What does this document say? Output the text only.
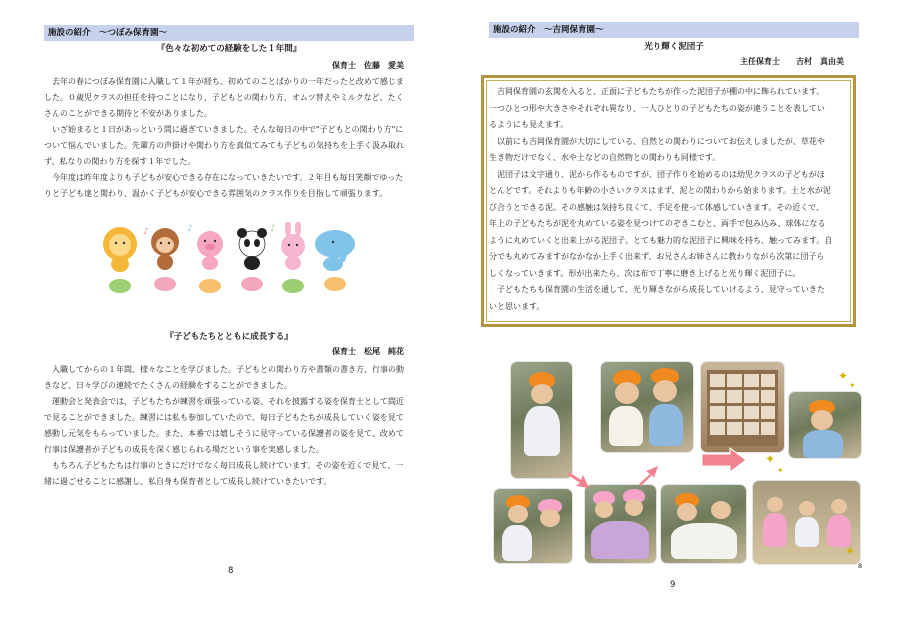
施設の紹介　〜つぼみ保育園〜
『色々な初めての経験をした１年間』
保育士　佐藤　愛美
去年の春につぼみ保育園に入職して１年が経ち、初めてのことばかりの一年だったと改めて感じま
した。０歳児クラスの担任を持つことになり、子どもとの関わり方、オムツ替えやミルクなど、たく
さんのことができる期待と不安がありました。
いざ始まると１日があっという間に過ぎていきました。そんな毎日の中で"子どもとの関わり方"に
ついて悩んでいました。先輩方の声掛けや関わり方を真似てみても子どもの気持ちを上手く汲み取れ
ず、私なりの関わり方を探す１年でした。
今年度は昨年度よりも子どもが安心できる存在になっていきたいです。２年目も毎日笑顔でゆった
りと子ども達と関わり、温かく子どもが安心できる雰囲気のクラス作りを目指して頑張ります。
♪	♪	♪
『子どもたちとともに成長する』
保育士　松尾　純花
入職してからの１年間、様々なことを学びました。子どもとの関わり方や書類の書き方、行事の動
きなど、日々学びの連続でたくさんの経験をすることができました。
運動会と発表会では、子どもたちが練習を頑張っている姿、それを披露する姿を保育士として間近
で見ることができました。練習には私も参加していたので、毎日子どもたちが成長していく姿を見て
感動し元気をもらっていました。また、本番では嬉しそうに見守っている保護者の姿を見て、改めて
行事は保護者が子どもの成長を深く感じられる場だという事を実感しました。
もちろん子どもたちは行事のときにだけでなく毎日成長し続けています。その姿を近くで見て、一
緒に過ごせることに感謝し、私自身も保育者として成長し続けていきたいです。
8
施設の紹介　〜吉岡保育園〜
光り輝く泥団子
主任保育士　　吉村　真由美
吉岡保育園の玄関を入ると、正面に子どもたちが作った泥団子が棚の中に飾られています。
一つひとつ形や大きさやそれぞれ異なり、一人ひとりの子どもたちの姿が違うことを表してい
るようにも見えます。
以前にも吉岡保育園が大切にしている、自然との関わりについてお伝えしましたが、草花や
生き物だけでなく、水や土などの自然物との関わりも同様です。
泥団子は文字通り、泥から作るものですが、団子作りを始めるのは幼児クラスの子どもがほ
とんどです。それよりも年齢の小さいクラスはまず、泥との関わりから始まります。土と水が泥
び合うとできる泥。その感触は気持ち良くて、手足を使って体感していきます。その近くで、
年上の子どもたちが泥を丸めている姿を見つけてのぞきこむと、両手で包み込み、球体になる
ように丸めていくと出来上がる泥団子。とても魅力的な泥団子に興味を持ち、触ってみます。自
分でも丸めてみますがなかなか上手く出来ず、お兄さんお姉さんに教わりながら次第に団子ら
しくなっていきます。形が出来たら、次は布で丁寧に磨き上げると光り輝く泥団子に。
子どもたちも保育園の生活を通して、光り輝きながら成長していけるよう、見守っていきた
いと思います。
✦
✦
✦
✦
✦
8
9
